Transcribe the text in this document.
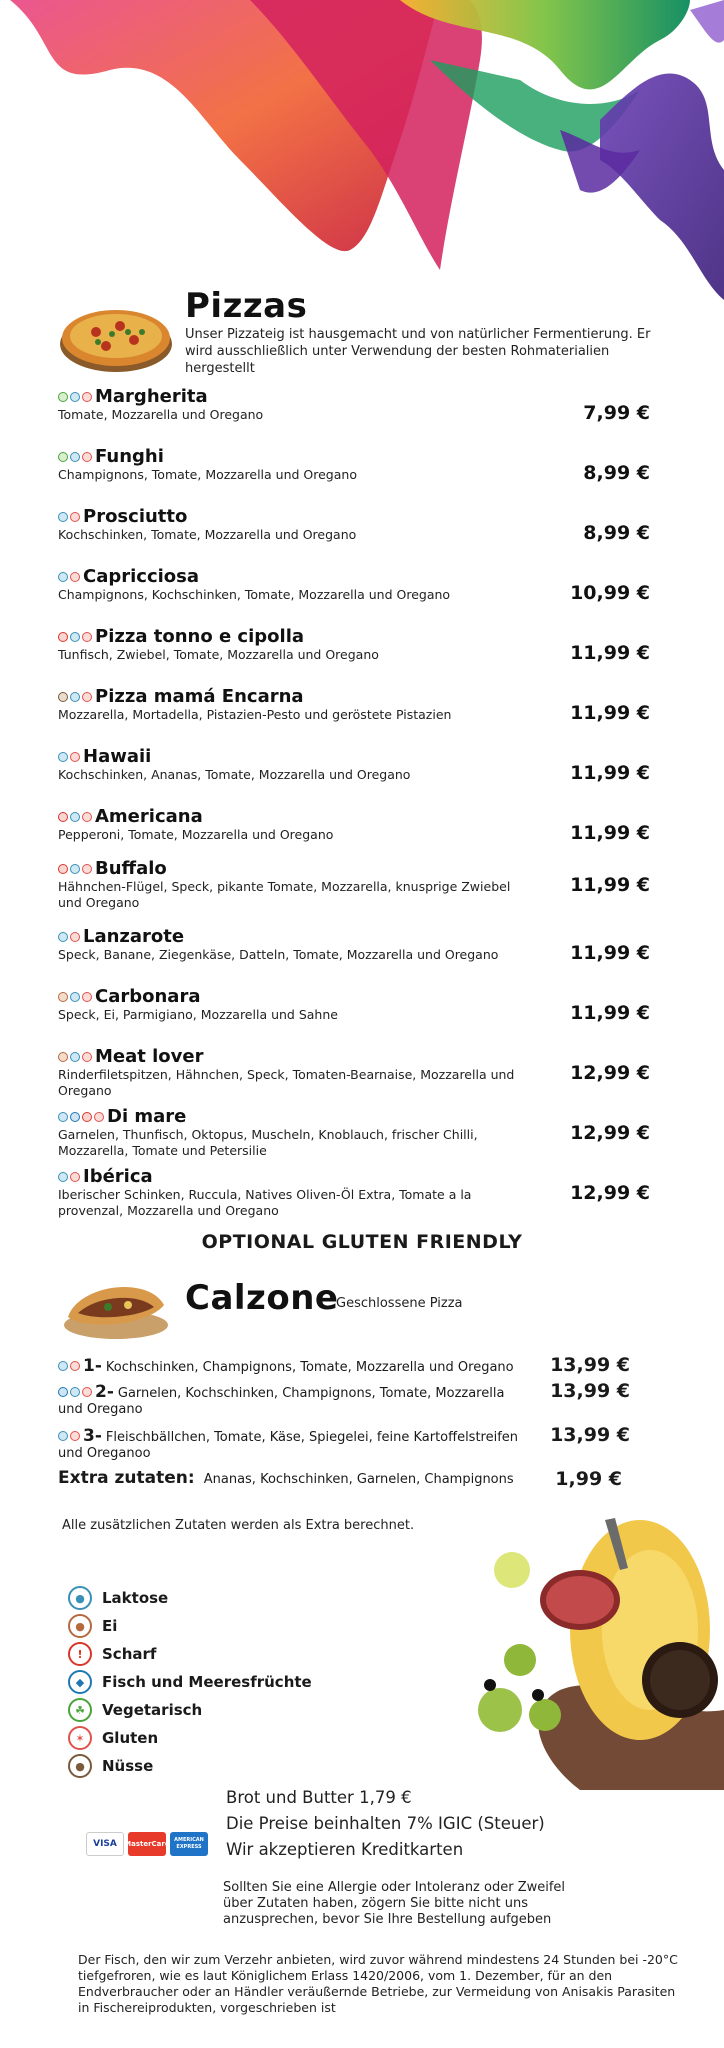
Pizzas
Unser Pizzateig ist hausgemacht und von natürlicher Fermentierung. Er wird ausschließlich unter Verwendung der besten Rohmaterialien hergestellt
Margherita
Tomate, Mozzarella und Oregano	7,99 €
Funghi
Champignons, Tomate, Mozzarella und Oregano	8,99 €
Prosciutto
Kochschinken, Tomate, Mozzarella und Oregano	8,99 €
Capricciosa
Champignons, Kochschinken, Tomate, Mozzarella und Oregano	10,99 €
Pizza tonno e cipolla
Tunfisch, Zwiebel, Tomate, Mozzarella und Oregano	11,99 €
Pizza mamá Encarna
Mozzarella, Mortadella, Pistazien-Pesto und geröstete Pistazien	11,99 €
Hawaii
Kochschinken, Ananas, Tomate, Mozzarella und Oregano	11,99 €
Americana
Pepperoni, Tomate, Mozzarella und Oregano	11,99 €
Buffalo
Hähnchen-Flügel, Speck, pikante Tomate, Mozzarella, knusprige Zwiebel und Oregano
11,99 €
Lanzarote
Speck, Banane, Ziegenkäse, Datteln, Tomate, Mozzarella und Oregano	11,99 €
Carbonara
Speck, Ei, Parmigiano, Mozzarella und Sahne	11,99 €
Meat lover
Rinderfiletspitzen, Hähnchen, Speck, Tomaten-Bearnaise, Mozzarella und Oregano
12,99 €
Di mare
Garnelen, Thunfisch, Oktopus, Muscheln, Knoblauch, frischer Chilli, Mozzarella, Tomate und Petersilie
12,99 €
Ibérica
Iberischer Schinken, Ruccula, Natives Oliven-Öl Extra, Tomate a la provenzal, Mozzarella und Oregano
12,99 €
OPTIONAL GLUTEN FRIENDLY
Calzone
Geschlossene Pizza
1- Kochschinken, Champignons, Tomate, Mozzarella und Oregano	13,99 €
2- Garnelen, Kochschinken, Champignons, Tomate, Mozzarella und Oregano
13,99 €
3- Fleischbällchen, Tomate, Käse, Spiegelei, feine Kartoffelstreifen und Oreganoo
13,99 €
Extra zutaten: Ananas, Kochschinken, Garnelen, Champignons 1,99 €
Alle zusätzlichen Zutaten werden als Extra berechnet.
●	Laktose
●	Ei
!	Scharf
◆	Fisch und Meeresfrüchte
☘	Vegetarisch
✶	Gluten
●	Nüsse
VISA	MasterCard AMERICAN EXPRESS
Brot und Butter 1,79 €
Die Preise beinhalten 7% IGIC (Steuer)
Wir akzeptieren Kreditkarten
Sollten Sie eine Allergie oder Intoleranz oder Zweifel über Zutaten haben, zögern Sie bitte nicht uns anzusprechen, bevor Sie Ihre Bestellung aufgeben
Der Fisch, den wir zum Verzehr anbieten, wird zuvor während mindestens 24 Stunden bei -20°C tiefgefroren, wie es laut Königlichem Erlass 1420/2006, vom 1. Dezember, für an den Endverbraucher oder an Händler veräußernde Betriebe, zur Vermeidung von Anisakis Parasiten in Fischereiprodukten, vorgeschrieben ist
